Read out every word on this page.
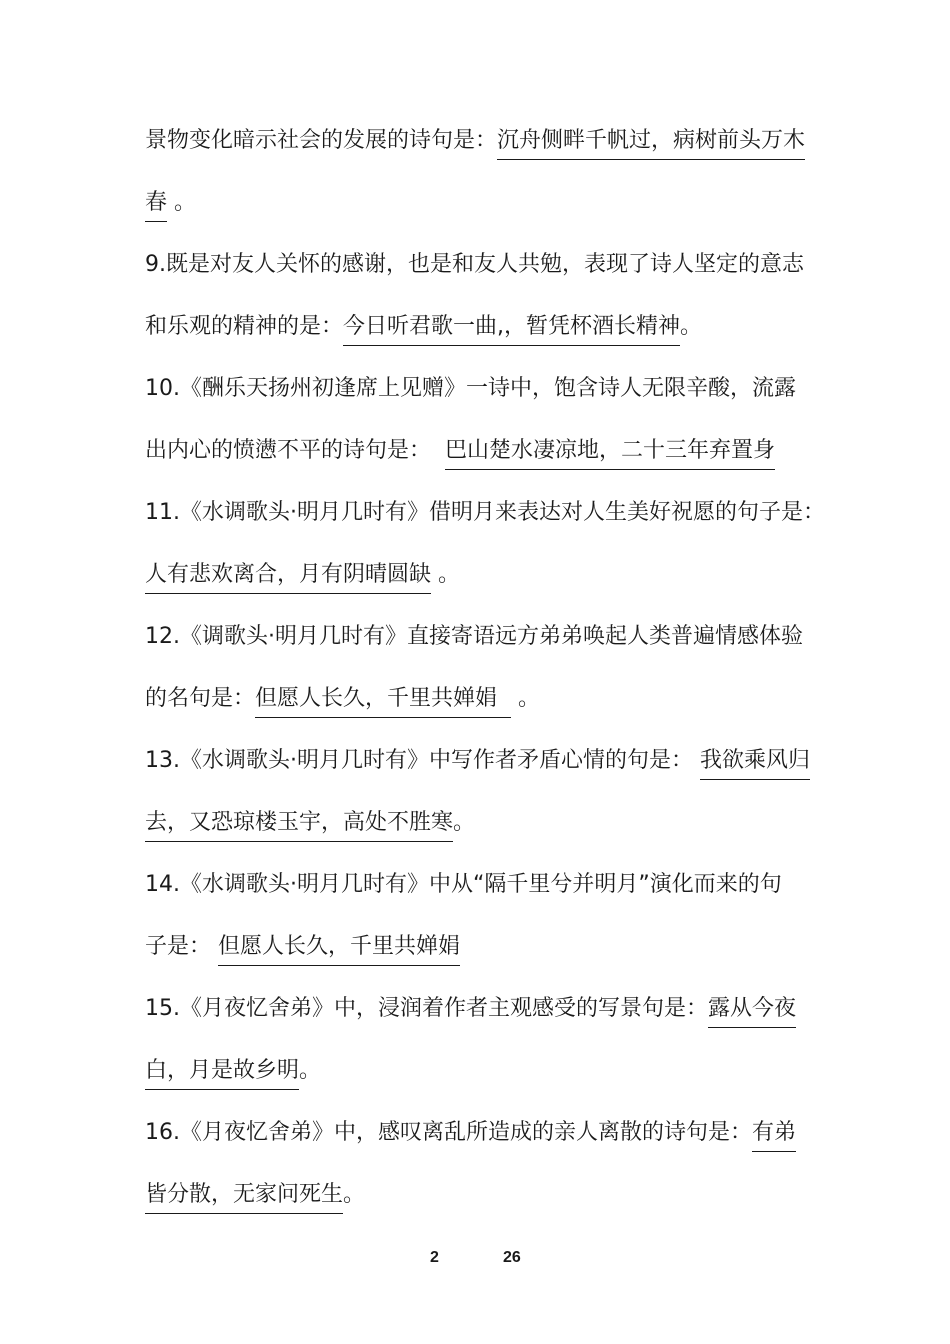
景物变化暗示社会的发展的诗句是：沉舟侧畔千帆过，病树前头万木
春 。
9.既是对友人关怀的感谢，也是和友人共勉，表现了诗人坚定的意志
和乐观的精神的是：今日听君歌一曲,，暂凭杯酒长精神。
10.《酬乐天扬州初逢席上见赠》一诗中，饱含诗人无限辛酸，流露
出内心的愤懑不平的诗句是：  巴山楚水凄凉地，二十三年弃置身
11.《水调歌头·明月几时有》借明月来表达对人生美好祝愿的句子是：
人有悲欢离合，月有阴晴圆缺 。
12.《调歌头·明月几时有》直接寄语远方弟弟唤起人类普遍情感体验
的名句是：但愿人长久，千里共婵娟   。
13.《水调歌头·明月几时有》中写作者矛盾心情的句是： 我欲乘风归
去，又恐琼楼玉宇，高处不胜寒。
14.《水调歌头·明月几时有》中从“隔千里兮并明月”演化而来的句
子是： 但愿人长久，千里共婵娟
15.《月夜忆舍弟》中，浸润着作者主观感受的写景句是：露从今夜
白，月是故乡明。
16.《月夜忆舍弟》中，感叹离乱所造成的亲人离散的诗句是：有弟
皆分散，无家问死生。
2	26
